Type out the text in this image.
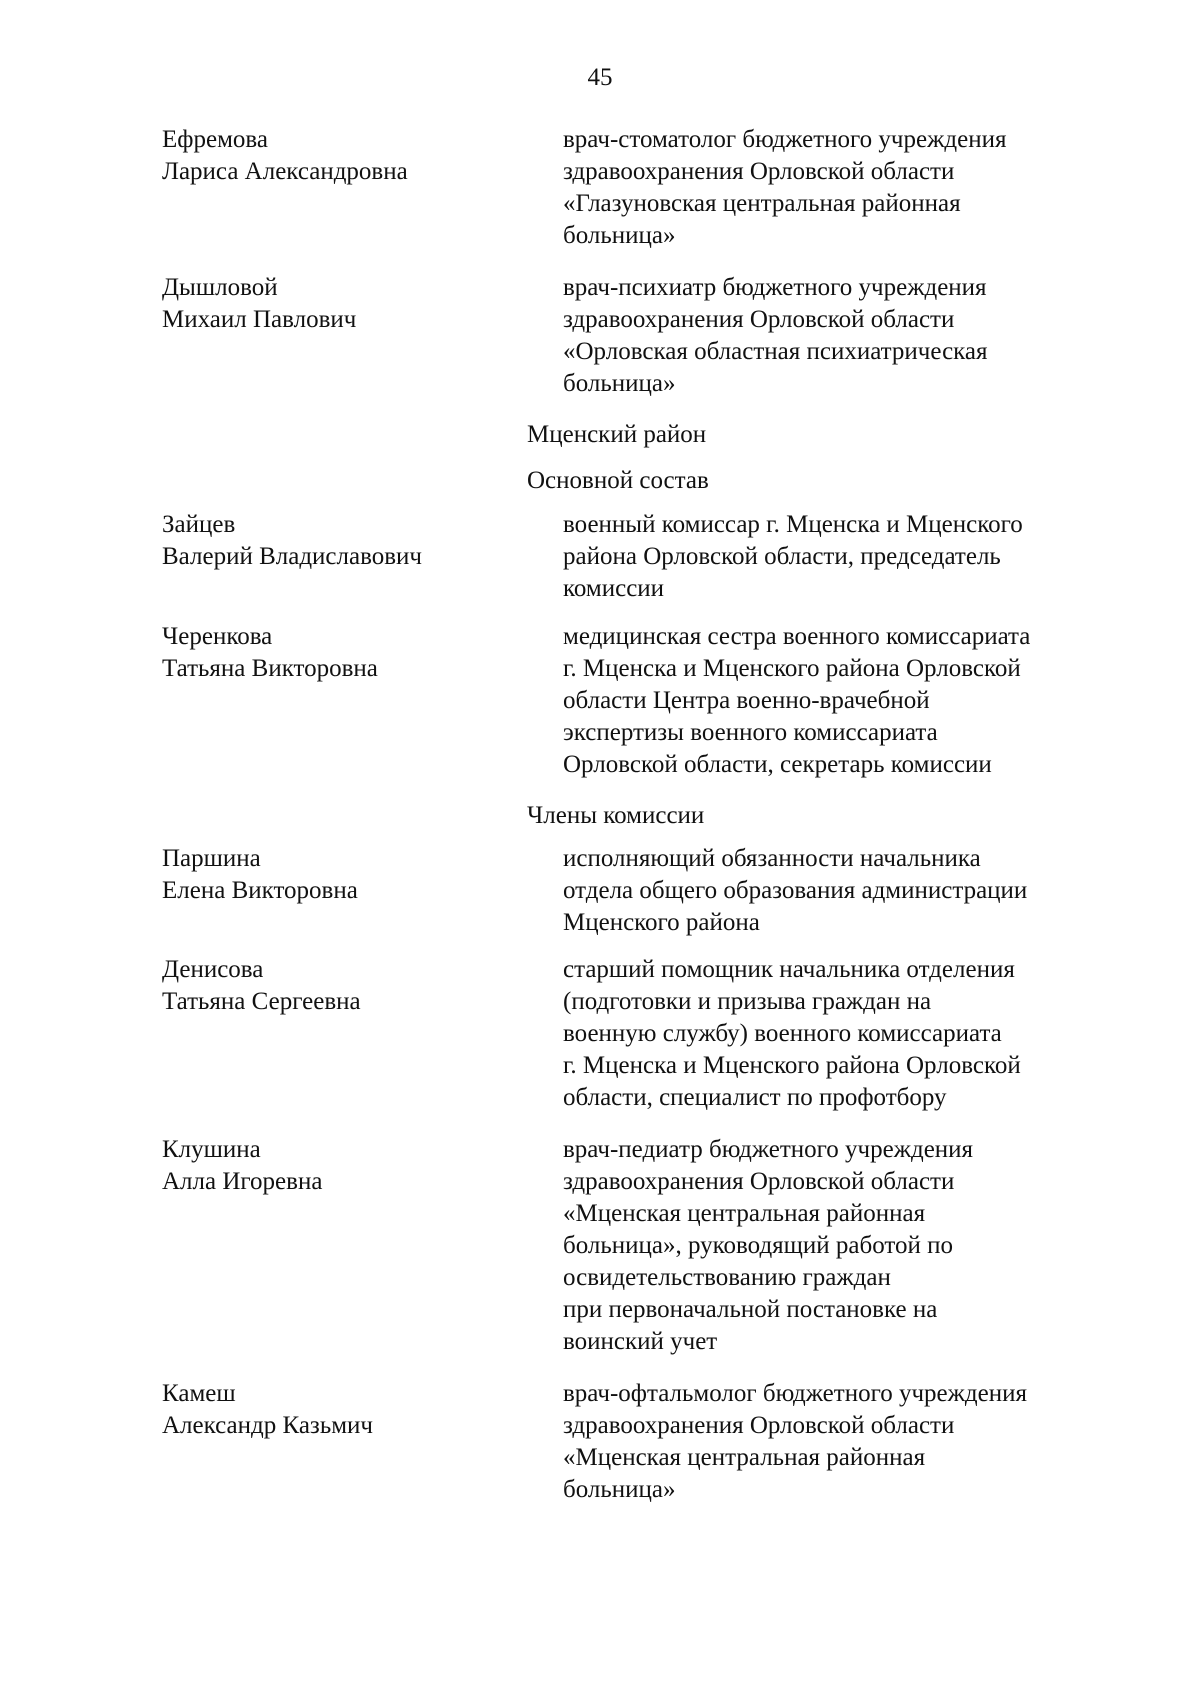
45
Ефремова
Лариса Александровна
врач-стоматолог бюджетного учреждения
здравоохранения Орловской области
«Глазуновская центральная районная
больница»
Дышловой
Михаил Павлович
врач-психиатр бюджетного учреждения
здравоохранения Орловской области
«Орловская областная психиатрическая
больница»
Мценский район
Основной состав
Зайцев
Валерий Владиславович
военный комиссар г. Мценска и Мценского
района Орловской области, председатель
комиссии
Черенкова
Татьяна Викторовна
медицинская сестра военного комиссариата
г. Мценска и Мценского района Орловской
области Центра военно-врачебной
экспертизы военного комиссариата
Орловской области, секретарь комиссии
Члены комиссии
Паршина
Елена Викторовна
исполняющий обязанности начальника
отдела общего образования администрации
Мценского района
Денисова
Татьяна Сергеевна
старший помощник начальника отделения
(подготовки и призыва граждан на
военную службу) военного комиссариата
г. Мценска и Мценского района Орловской
области, специалист по профотбору
Клушина
Алла Игоревна
врач-педиатр бюджетного учреждения
здравоохранения Орловской области
«Мценская центральная районная
больница», руководящий работой по
освидетельствованию граждан
при первоначальной постановке на
воинский учет
Камеш
Александр Казьмич
врач-офтальмолог бюджетного учреждения
здравоохранения Орловской области
«Мценская центральная районная
больница»
